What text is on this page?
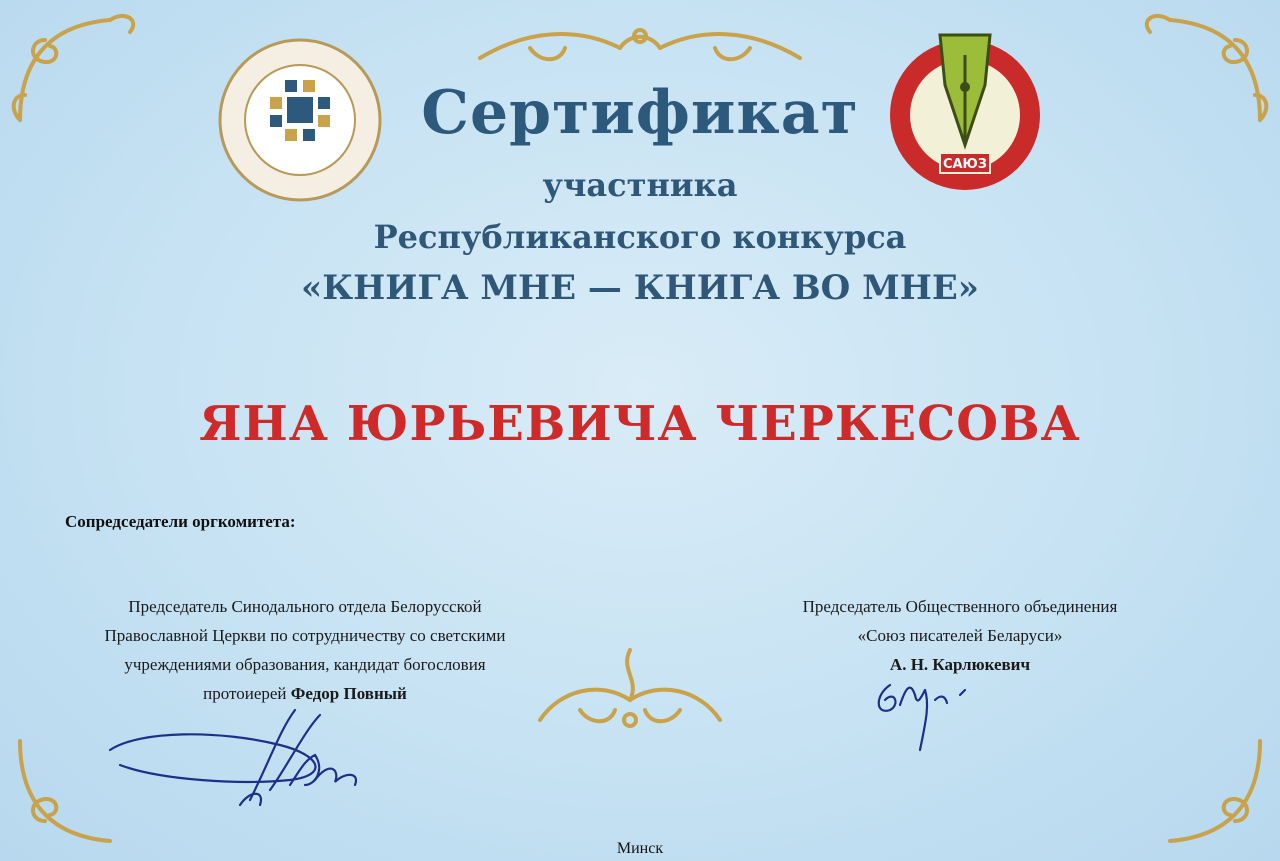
САЮЗ
Сертификат
участника
Республиканского конкурса
«КНИГА МНЕ — КНИГА ВО МНЕ»
ЯНА ЮРЬЕВИЧА ЧЕРКЕСОВА
Сопредседатели оргкомитета:
Председатель Синодального отдела Белорусской
Православной Церкви по сотрудничеству со светскими
учреждениями образования, кандидат богословия
протоиерей Федор Повный
Председатель Общественного объединения
«Союз писателей Беларуси»
А. Н. Карлюкевич
Минск
